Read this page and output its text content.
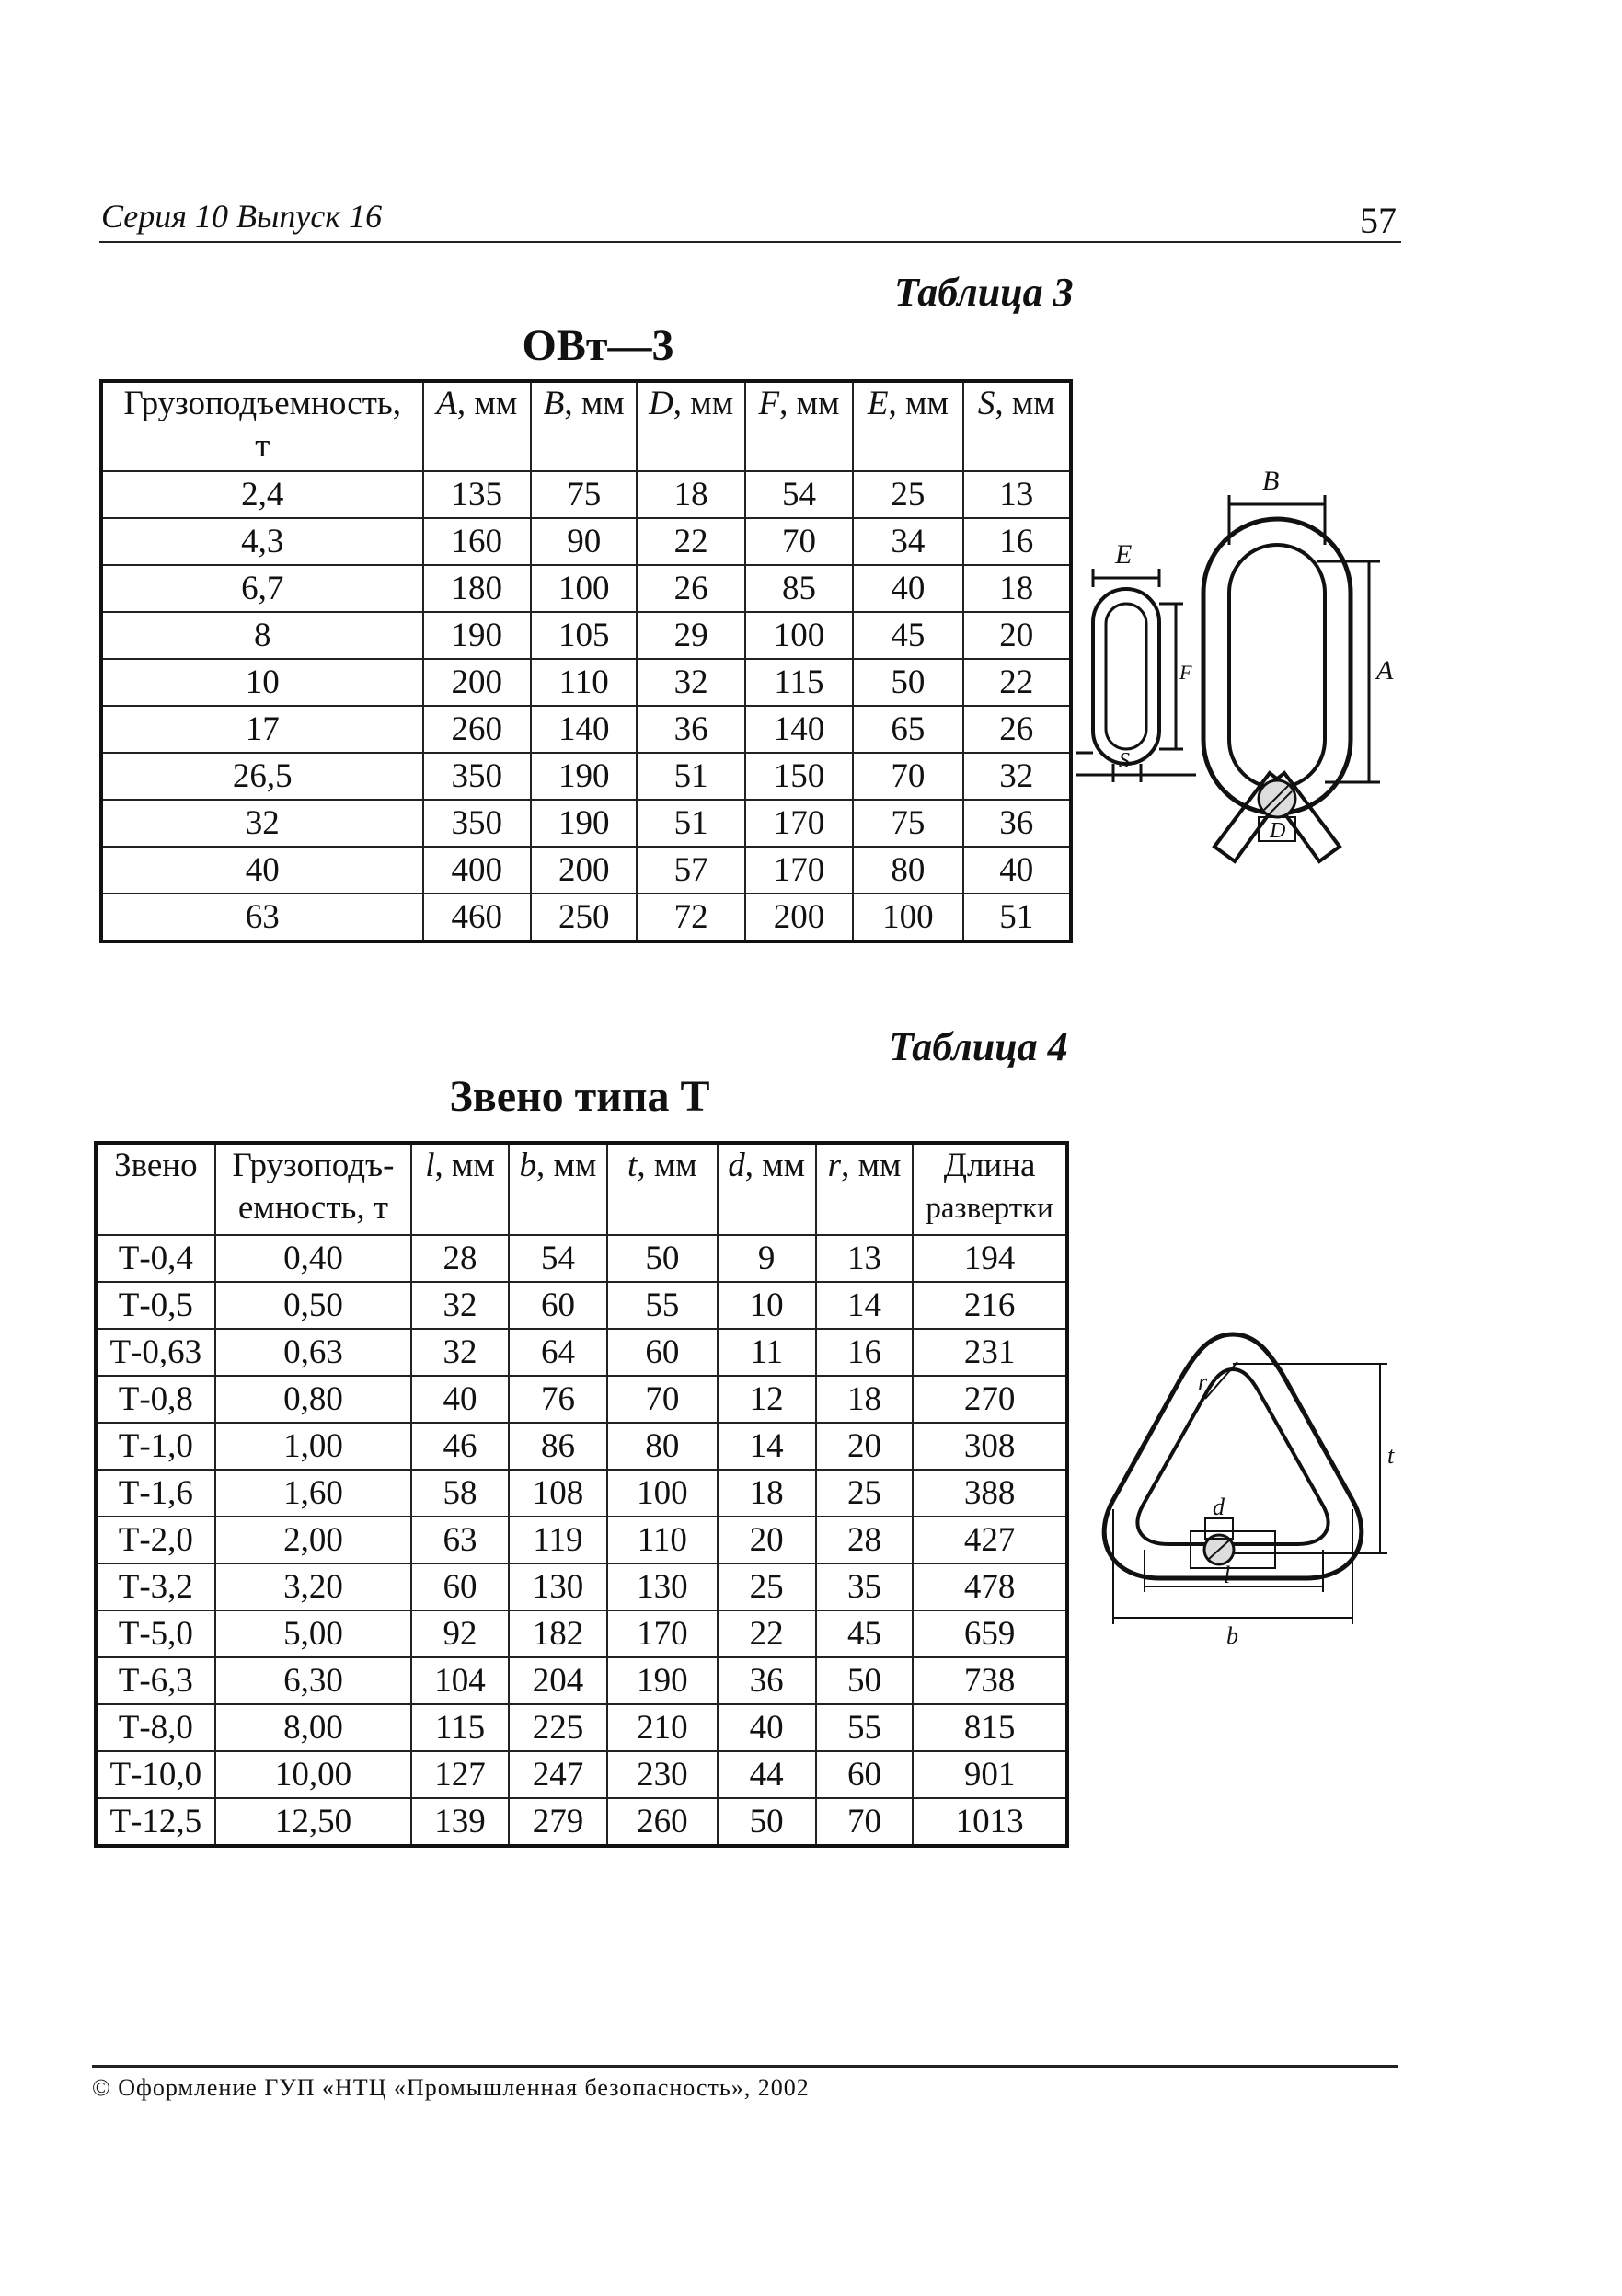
Серия 10 Выпуск 16	57
Таблица 3
ОВт—3
Грузоподъемность,
т	A, мм	B, мм	D, мм	F, мм	E, мм	S, мм
2,4	135	75	18	54	25	13
4,3	160	90	22	70	34	16
6,7	180	100	26	85	40	18
8	190	105	29	100	45	20
10	200	110	32	115	50	22
17	260	140	36	140	65	26
26,5	350	190	51	150	70	32
32	350	190	51	170	75	36
40	400	200	57	170	80	40
63	460	250	72	200	100	51
B
E
F	A
S
D
Таблица 4
Звено типа Т
Звено	Грузоподъ-
емность, т	l, мм	b, мм	t, мм	d, мм	r, мм	Длина
развертки

Т-0,4	0,40	28	54	50	9	13	194
Т-0,5	0,50	32	60	55	10	14	216
Т-0,63	0,63	32	64	60	11	16	231
Т-0,8	0,80	40	76	70	12	18	270
Т-1,0	1,00	46	86	80	14	20	308
Т-1,6	1,60	58	108	100	18	25	388
Т-2,0	2,00	63	119	110	20	28	427
Т-3,2	3,20	60	130	130	25	35	478
Т-5,0	5,00	92	182	170	22	45	659
Т-6,3	6,30	104	204	190	36	50	738
Т-8,0	8,00	115	225	210	40	55	815
Т-10,0	10,00	127	247	230	44	60	901
Т-12,5	12,50	139	279	260	50	70	1013
r
t
d
l
b
© Оформление ГУП «НТЦ «Промышленная безопасность», 2002
